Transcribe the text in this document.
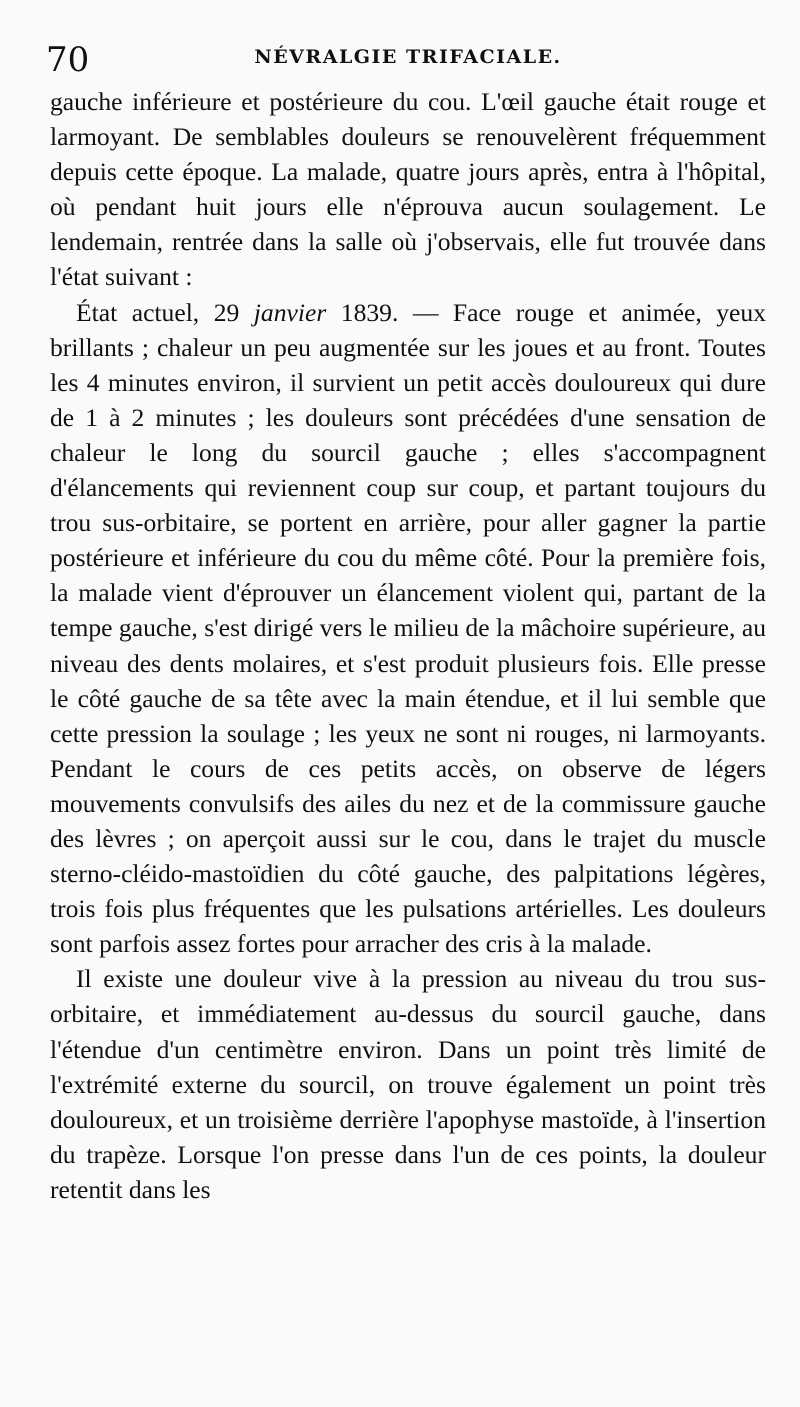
70	NÉVRALGIE TRIFACIALE.

gauche inférieure et postérieure du cou. L'œil gauche était rouge et larmoyant. De semblables douleurs se renouvelèrent fréquemment depuis cette époque. La malade, quatre jours après, entra à l'hôpital, où pendant huit jours elle n'éprouva aucun soulagement. Le lendemain, rentrée dans la salle où j'observais, elle fut trouvée dans l'état suivant :

État actuel, 29 janvier 1839. — Face rouge et animée, yeux brillants ; chaleur un peu augmentée sur les joues et au front. Toutes les 4 minutes environ, il survient un petit accès douloureux qui dure de 1 à 2 minutes ; les douleurs sont précédées d'une sensation de chaleur le long du sourcil gauche ; elles s'accompagnent d'élancements qui reviennent coup sur coup, et partant toujours du trou sus-orbitaire, se portent en arrière, pour aller gagner la partie postérieure et inférieure du cou du même côté. Pour la première fois, la malade vient d'éprouver un élancement violent qui, partant de la tempe gauche, s'est dirigé vers le milieu de la mâchoire supérieure, au niveau des dents molaires, et s'est produit plusieurs fois. Elle presse le côté gauche de sa tête avec la main étendue, et il lui semble que cette pression la soulage ; les yeux ne sont ni rouges, ni larmoyants. Pendant le cours de ces petits accès, on observe de légers mouvements convulsifs des ailes du nez et de la commissure gauche des lèvres ; on aperçoit aussi sur le cou, dans le trajet du muscle sterno-cléido-mastoïdien du côté gauche, des palpitations légères, trois fois plus fréquentes que les pulsations artérielles. Les douleurs sont parfois assez fortes pour arracher des cris à la malade.

Il existe une douleur vive à la pression au niveau du trou sus-orbitaire, et immédiatement au-dessus du sourcil gauche, dans l'étendue d'un centimètre environ. Dans un point très limité de l'extrémité externe du sourcil, on trouve également un point très douloureux, et un troisième derrière l'apophyse mastoïde, à l'insertion du trapèze. Lorsque l'on presse dans l'un de ces points, la douleur retentit dans les
